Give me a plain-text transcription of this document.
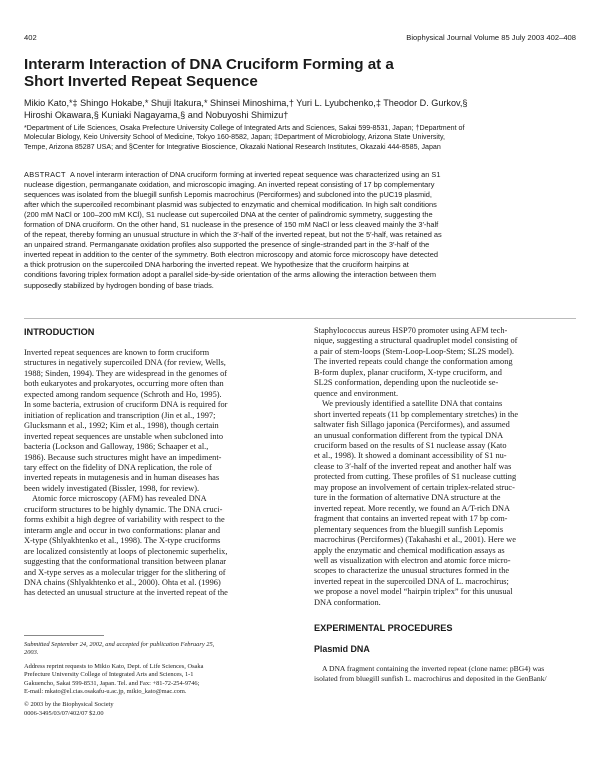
402	Biophysical Journal Volume 85 July 2003 402–408
Interarm Interaction of DNA Cruciform Forming at a
Short Inverted Repeat Sequence
Mikio Kato,*‡ Shingo Hokabe,* Shuji Itakura,* Shinsei Minoshima,† Yuri L. Lyubchenko,‡ Theodor D. Gurkov,§
Hiroshi Okawara,§ Kuniaki Nagayama,§ and Nobuyoshi Shimizu†
*Department of Life Sciences, Osaka Prefecture University College of Integrated Arts and Sciences, Sakai 599-8531, Japan; †Department of
Molecular Biology, Keio University School of Medicine, Tokyo 160-8582, Japan; ‡Department of Microbiology, Arizona State University,
Tempe, Arizona 85287 USA; and §Center for Integrative Bioscience, Okazaki National Research Institutes, Okazaki 444-8585, Japan
ABSTRACT A novel interarm interaction of DNA cruciform forming at inverted repeat sequence was characterized using an S1
nuclease digestion, permanganate oxidation, and microscopic imaging. An inverted repeat consisting of 17 bp complementary
sequences was isolated from the bluegill sunfish Lepomis macrochirus (Perciformes) and subcloned into the pUC19 plasmid,
after which the supercoiled recombinant plasmid was subjected to enzymatic and chemical modification. In high salt conditions
(200 mM NaCl or 100–200 mM KCl), S1 nuclease cut supercoiled DNA at the center of palindromic symmetry, suggesting the
formation of DNA cruciform. On the other hand, S1 nuclease in the presence of 150 mM NaCl or less cleaved mainly the 3′-half
of the repeat, thereby forming an unusual structure in which the 3′-half of the inverted repeat, but not the 5′-half, was retained as
an unpaired strand. Permanganate oxidation profiles also supported the presence of single-stranded part in the 3′-half of the
inverted repeat in addition to the center of the symmetry. Both electron microscopy and atomic force microscopy have detected
a thick protrusion on the supercoiled DNA harboring the inverted repeat. We hypothesize that the cruciform hairpins at
conditions favoring triplex formation adopt a parallel side-by-side orientation of the arms allowing the interaction between them
supposedly stabilized by hydrogen bonding of base triads.
INTRODUCTION
Inverted repeat sequences are known to form cruciform
structures in negatively supercoiled DNA (for review, Wells,
1988; Sinden, 1994). They are widespread in the genomes of
both eukaryotes and prokaryotes, occurring more often than
expected among random sequence (Schroth and Ho, 1995).
In some bacteria, extrusion of cruciform DNA is required for
initiation of replication and transcription (Jin et al., 1997;
Glucksmann et al., 1992; Kim et al., 1998), though certain
inverted repeat sequences are unstable when subcloned into
bacteria (Lockson and Galloway, 1986; Schaaper et al.,
1986). Because such structures might have an impediment-
tary effect on the fidelity of DNA replication, the role of
inverted repeats in mutagenesis and in human diseases has
been widely investigated (Bissler, 1998, for review).
Atomic force microscopy (AFM) has revealed DNA
cruciform structures to be highly dynamic. The DNA cruci-
forms exhibit a high degree of variability with respect to the
interarm angle and occur in two conformations: planar and
X-type (Shlyakhtenko et al., 1998). The X-type cruciforms
are localized consistently at loops of plectonemic superhelix,
suggesting that the conformational transition between planar
and X-type serves as a molecular trigger for the slithering of
DNA chains (Shlyakhtenko et al., 2000). Ohta et al. (1996)
has detected an unusual structure at the inverted repeat of the
Submitted September 24, 2002, and accepted for publication February 25,
2003.
Address reprint requests to Mikio Kato, Dept. of Life Sciences, Osaka
Prefecture University College of Integrated Arts and Sciences, 1-1
Gakuencho, Sakai 599-8531, Japan. Tel. and Fax: +81-72-254-9746;
E-mail: mkato@el.cias.osakafu-u.ac.jp, mikio_kato@mac.com.
© 2003 by the Biophysical Society
0006-3495/03/07/402/07 $2.00
Staphylococcus aureus HSP70 promoter using AFM tech-
nique, suggesting a structural quadruplet model consisting of
a pair of stem-loops (Stem-Loop-Loop-Stem; SL2S model).
The inverted repeats could change the conformation among
B-form duplex, planar cruciform, X-type cruciform, and
SL2S conformation, depending upon the nucleotide se-
quence and environment.
We previously identified a satellite DNA that contains
short inverted repeats (11 bp complementary stretches) in the
saltwater fish Sillago japonica (Perciformes), and assumed
an unusual conformation different from the typical DNA
cruciform based on the results of S1 nuclease assay (Kato
et al., 1998). It showed a dominant accessibility of S1 nu-
clease to 3′-half of the inverted repeat and another half was
protected from cutting. These profiles of S1 nuclease cutting
may propose an involvement of certain triplex-related struc-
ture in the formation of alternative DNA structure at the
inverted repeat. More recently, we found an A/T-rich DNA
fragment that contains an inverted repeat with 17 bp com-
plementary sequences from the bluegill sunfish Lepomis
macrochirus (Perciformes) (Takahashi et al., 2001). Here we
apply the enzymatic and chemical modification assays as
well as visualization with electron and atomic force micro-
scopes to characterize the unusual structures formed in the
inverted repeat in the supercoiled DNA of L. macrochirus;
we propose a novel model “hairpin triplex” for this unusual
DNA conformation.
EXPERIMENTAL PROCEDURES
Plasmid DNA
A DNA fragment containing the inverted repeat (clone name: pBG4) was
isolated from bluegill sunfish L. macrochirus and deposited in the GenBank/
